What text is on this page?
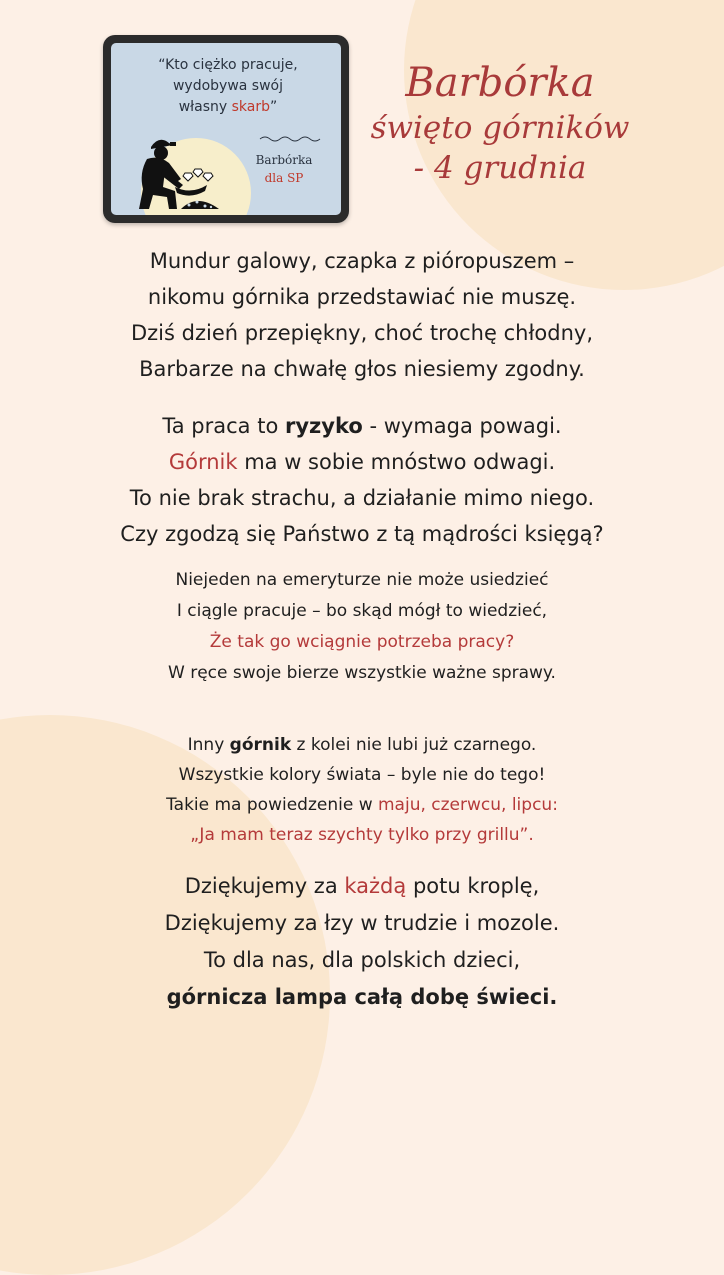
“Kto ciężko pracuje,
wydobywa swój
własny skarb”
Barbórka
dla SP
Barbórka
święto górników
- 4 grudnia
Mundur galowy, czapka z pióropuszem –
nikomu górnika przedstawiać nie muszę.
Dziś dzień przepiękny, choć trochę chłodny,
Barbarze na chwałę głos niesiemy zgodny.
Ta praca to ryzyko - wymaga powagi.
Górnik ma w sobie mnóstwo odwagi.
To nie brak strachu, a działanie mimo niego.
Czy zgodzą się Państwo z tą mądrości księgą?
Niejeden na emeryturze nie może usiedzieć
I ciągle pracuje – bo skąd mógł to wiedzieć,
Że tak go wciągnie potrzeba pracy?
W ręce swoje bierze wszystkie ważne sprawy.
Inny górnik z kolei nie lubi już czarnego.
Wszystkie kolory świata – byle nie do tego!
Takie ma powiedzenie w maju, czerwcu, lipcu:
„Ja mam teraz szychty tylko przy grillu”.
Dziękujemy za każdą potu kroplę,
Dziękujemy za łzy w trudzie i mozole.
To dla nas, dla polskich dzieci,
górnicza lampa całą dobę świeci.
